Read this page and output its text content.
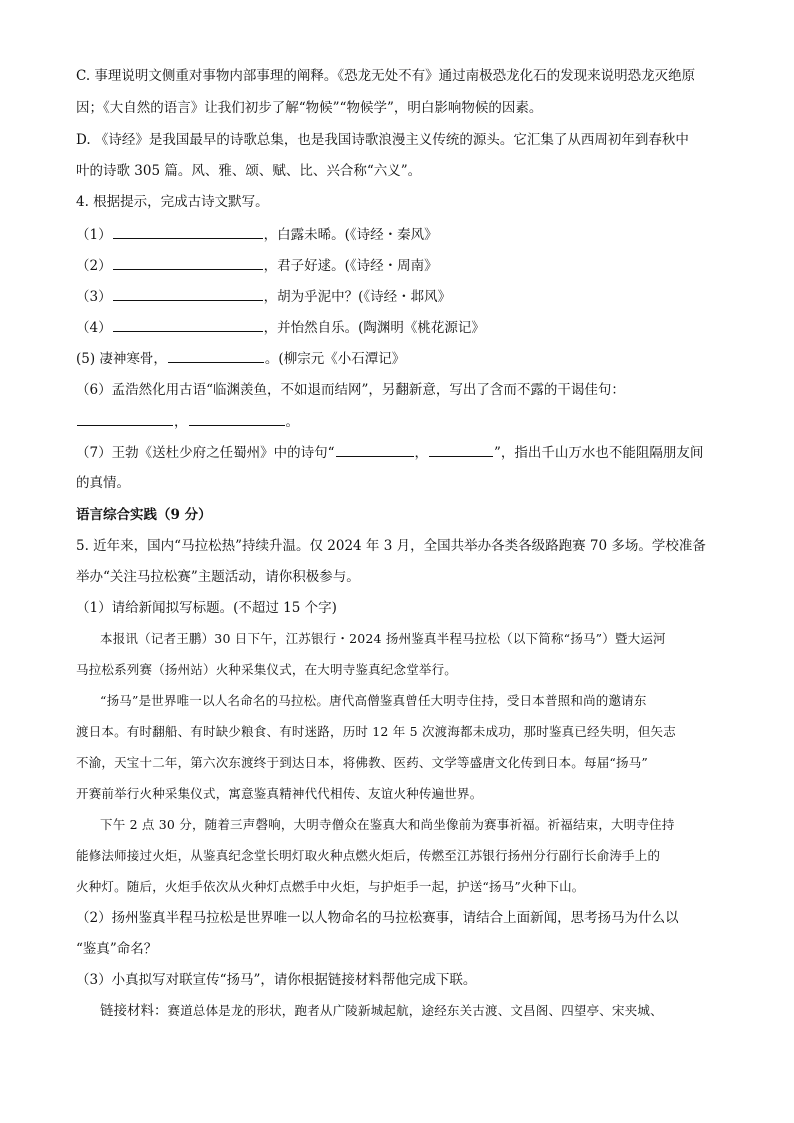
C. 事理说明文侧重对事物内部事理的阐释。《恐龙无处不有》通过南极恐龙化石的发现来说明恐龙灭绝原
因；《大自然的语言》让我们初步了解“物候”“物候学”，明白影响物候的因素。
D. 《诗经》是我国最早的诗歌总集，也是我国诗歌浪漫主义传统的源头。它汇集了从西周初年到春秋中
叶的诗歌 305 篇。风、雅、颂、赋、比、兴合称“六义”。
4. 根据提示，完成古诗文默写。
（1）	，白露未晞。(《诗经・秦风》
（2）	，君子好逑。(《诗经・周南》
（3）	，胡为乎泥中？(《诗经・邶风》
（4）	，并怡然自乐。(陶渊明《桃花源记》
(5) 凄神寒骨，	。(柳宗元《小石潭记》
（6）孟浩然化用古语“临渊羡鱼，不如退而结网”，另翻新意，写出了含而不露的干谒佳句：
，	。
（7）王勃《送杜少府之任蜀州》中的诗句“	，	”，指出千山万水也不能阻隔朋友间
的真情。
语言综合实践（9 分）
5. 近年来，国内“马拉松热”持续升温。仅 2024 年 3 月，全国共举办各类各级路跑赛 70 多场。学校准备
举办“关注马拉松赛”主题活动，请你积极参与。
（1）请给新闻拟写标题。(不超过 15 个字)
本报讯（记者王鹏）30 日下午，江苏银行・2024 扬州鉴真半程马拉松（以下简称“扬马”）暨大运河
马拉松系列赛（扬州站）火种采集仪式，在大明寺鉴真纪念堂举行。
“扬马”是世界唯一以人名命名的马拉松。唐代高僧鉴真曾任大明寺住持，受日本普照和尚的邀请东
渡日本。有时翻船、有时缺少粮食、有时迷路，历时 12 年 5 次渡海都未成功，那时鉴真已经失明，但矢志
不渝，天宝十二年，第六次东渡终于到达日本，将佛教、医药、文学等盛唐文化传到日本。每届“扬马”
开赛前举行火种采集仪式，寓意鉴真精神代代相传、友谊火种传遍世界。
下午 2 点 30 分，随着三声磬响，大明寺僧众在鉴真大和尚坐像前为赛事祈福。祈福结束，大明寺住持
能修法师接过火炬，从鉴真纪念堂长明灯取火种点燃火炬后，传燃至江苏银行扬州分行副行长俞涛手上的
火种灯。随后，火炬手依次从火种灯点燃手中火炬，与护炬手一起，护送“扬马”火种下山。
（2）扬州鉴真半程马拉松是世界唯一以人物命名的马拉松赛事，请结合上面新闻，思考扬马为什么以
“鉴真”命名？
（3）小真拟写对联宣传“扬马”，请你根据链接材料帮他完成下联。
链接材料：赛道总体是龙的形状，跑者从广陵新城起航，途经东关古渡、文昌阁、四望亭、宋夹城、
